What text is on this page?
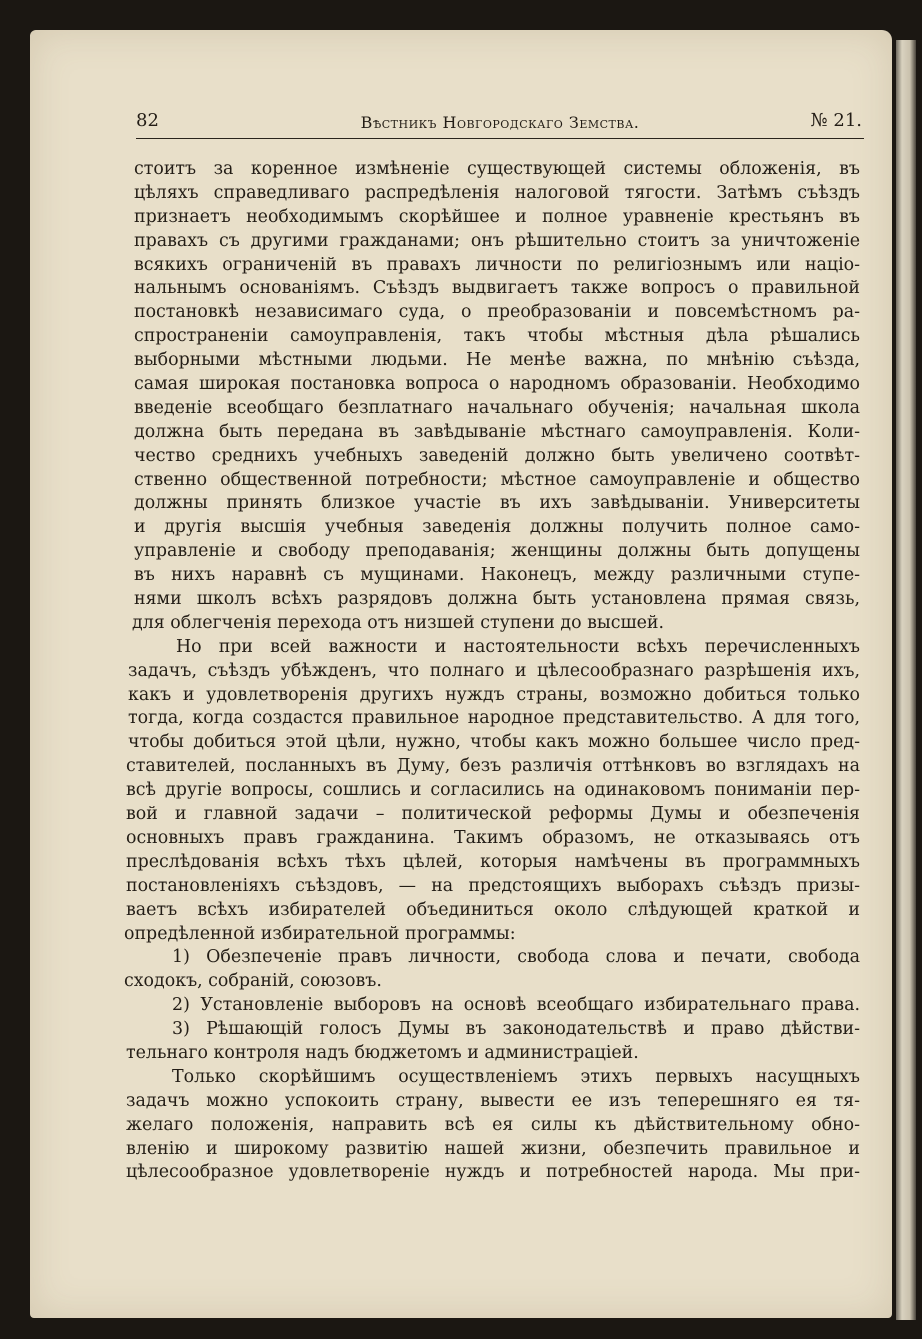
82	Вѣстникъ Новгородскаго Земства.	№ 21.
стоитъ за коренное измѣненіе существующей системы обложенія, въ
цѣляхъ справедливаго распредѣленія налоговой тягости. Затѣмъ съѣздъ
признаетъ необходимымъ скорѣйшее и полное уравненіе крестьянъ въ
правахъ съ другими гражданами; онъ рѣшительно стоитъ за уничтоженіе
всякихъ ограниченій въ правахъ личности по религіознымъ или націо-
нальнымъ основаніямъ. Съѣздъ выдвигаетъ также вопросъ о правильной
постановкѣ независимаго суда, о преобразованіи и повсемѣстномъ ра-
спространеніи самоуправленія, такъ чтобы мѣстныя дѣла рѣшались
выборными мѣстными людьми. Не менѣе важна, по мнѣнію съѣзда,
самая широкая постановка вопроса о народномъ образованіи. Необходимо
введеніе всеобщаго безплатнаго начальнаго обученія; начальная школа
должна быть передана въ завѣдываніе мѣстнаго самоуправленія. Коли-
чество среднихъ учебныхъ заведеній должно быть увеличено соотвѣт-
ственно общественной потребности; мѣстное самоуправленіе и общество
должны принять близкое участіе въ ихъ завѣдываніи. Университеты
и другія высшія учебныя заведенія должны получить полное само-
управленіе и свободу преподаванія; женщины должны быть допущены
въ нихъ наравнѣ съ мущинами. Наконецъ, между различными ступе-
нями школъ всѣхъ разрядовъ должна быть установлена прямая связь,
для облегченія перехода отъ низшей ступени до высшей.
Но при всей важности и настоятельности всѣхъ перечисленныхъ
задачъ, съѣздъ убѣжденъ, что полнаго и цѣлесообразнаго разрѣшенія ихъ,
какъ и удовлетворенія другихъ нуждъ страны, возможно добиться только
тогда, когда создастся правильное народное представительство. А для того,
чтобы добиться этой цѣли, нужно, чтобы какъ можно большее число пред-
ставителей, посланныхъ въ Думу, безъ различія оттѣнковъ во взглядахъ на
всѣ другіе вопросы, сошлись и согласились на одинаковомъ пониманіи пер-
вой и главной задачи – политической реформы Думы и обезпеченія
основныхъ правъ гражданина. Такимъ образомъ, не отказываясь отъ
преслѣдованія всѣхъ тѣхъ цѣлей, которыя намѣчены въ программныхъ
постановленіяхъ съѣздовъ, — на предстоящихъ выборахъ съѣздъ призы-
ваетъ всѣхъ избирателей объединиться около слѣдующей краткой и
опредѣленной избирательной программы:
1) Обезпеченіе правъ личности, свобода слова и печати, свобода
сходокъ, собраній, союзовъ.
2) Установленіе выборовъ на основѣ всеобщаго избирательнаго права.
3) Рѣшающій голосъ Думы въ законодательствѣ и право дѣйстви-
тельнаго контроля надъ бюджетомъ и администраціей.
Только скорѣйшимъ осуществленіемъ этихъ первыхъ насущныхъ
задачъ можно успокоить страну, вывести ее изъ теперешняго ея тя-
желаго положенія, направить всѣ ея силы къ дѣйствительному обно-
вленію и широкому развитію нашей жизни, обезпечить правильное и
цѣлесообразное удовлетвореніе нуждъ и потребностей народа. Мы при-
